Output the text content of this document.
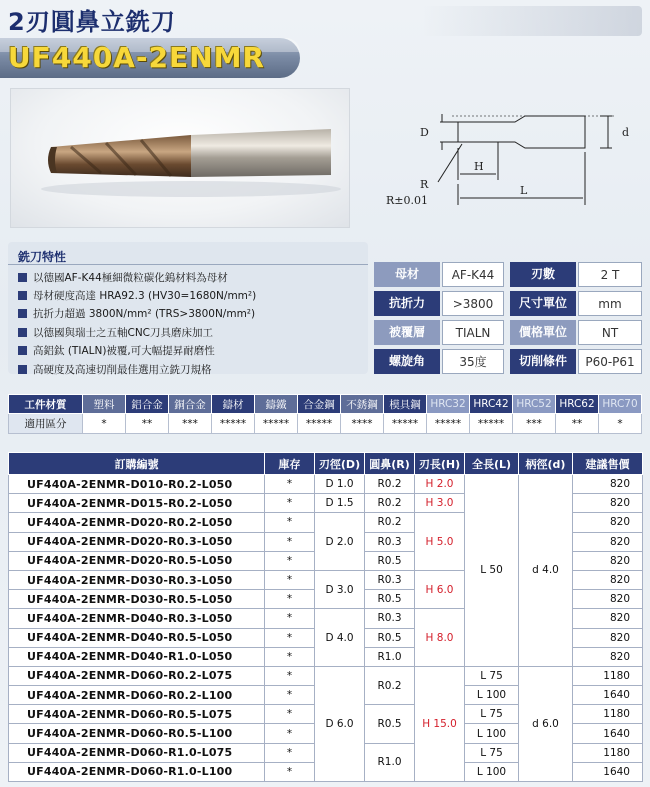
2刃圓鼻立銑刀
UF440A-2ENMR
D	d
H
L
R
R±0.01
銑刀特性
以德國AF-K44極細微粒碳化鎢材料為母材
母材硬度高達 HRA92.3 (HV30=1680N/mm²)
抗折力超過 3800N/mm² (TRS>3800N/mm²)
以德國與瑞士之五軸CNC刀具磨床加工
高鋁鈦 (TIALN)被覆,可大幅提昇耐磨性
高硬度及高速切削最佳選用立銑刀規格
母材	AF-K44	刃數	2 T
抗折力	>3800	尺寸單位	mm
被覆層	TIALN	價格單位	NT
螺旋角	35度	切削條件	P60-P61
工件材質	塑料	鋁合金	銅合金	鑄材	鑄鐵	合金鋼	不銹鋼	模具鋼	HRC32	HRC42	HRC52	HRC62	HRC70
適用區分	*	**	***	*****	*****	*****	****	*****	*****	*****	***	**	*
訂購編號	庫存	刃徑(D)	圓鼻(R)	刃長(H)	全長(L)	柄徑(d)	建議售價
UF440A-2ENMR-D010-R0.2-L050	*	D 1.0	R0.2	H 2.0	L 50	d 4.0	820
UF440A-2ENMR-D015-R0.2-L050	*	D 1.5	R0.2	H 3.0			820
UF440A-2ENMR-D020-R0.2-L050	*	D 2.0	R0.2	H 5.0			820
UF440A-2ENMR-D020-R0.3-L050	*		R0.3				820
UF440A-2ENMR-D020-R0.5-L050	*		R0.5				820
UF440A-2ENMR-D030-R0.3-L050	*	D 3.0	R0.3	H 6.0			820
UF440A-2ENMR-D030-R0.5-L050	*		R0.5				820
UF440A-2ENMR-D040-R0.3-L050	*	D 4.0	R0.3	H 8.0			820
UF440A-2ENMR-D040-R0.5-L050	*		R0.5				820
UF440A-2ENMR-D040-R1.0-L050	*		R1.0				820
UF440A-2ENMR-D060-R0.2-L075	*	D 6.0	R0.2	H 15.0	L 75	d 6.0	1180
UF440A-2ENMR-D060-R0.2-L100	*				L 100		1640
UF440A-2ENMR-D060-R0.5-L075	*		R0.5		L 75		1180
UF440A-2ENMR-D060-R0.5-L100	*				L 100		1640
UF440A-2ENMR-D060-R1.0-L075	*		R1.0		L 75		1180
UF440A-2ENMR-D060-R1.0-L100	*				L 100		1640
